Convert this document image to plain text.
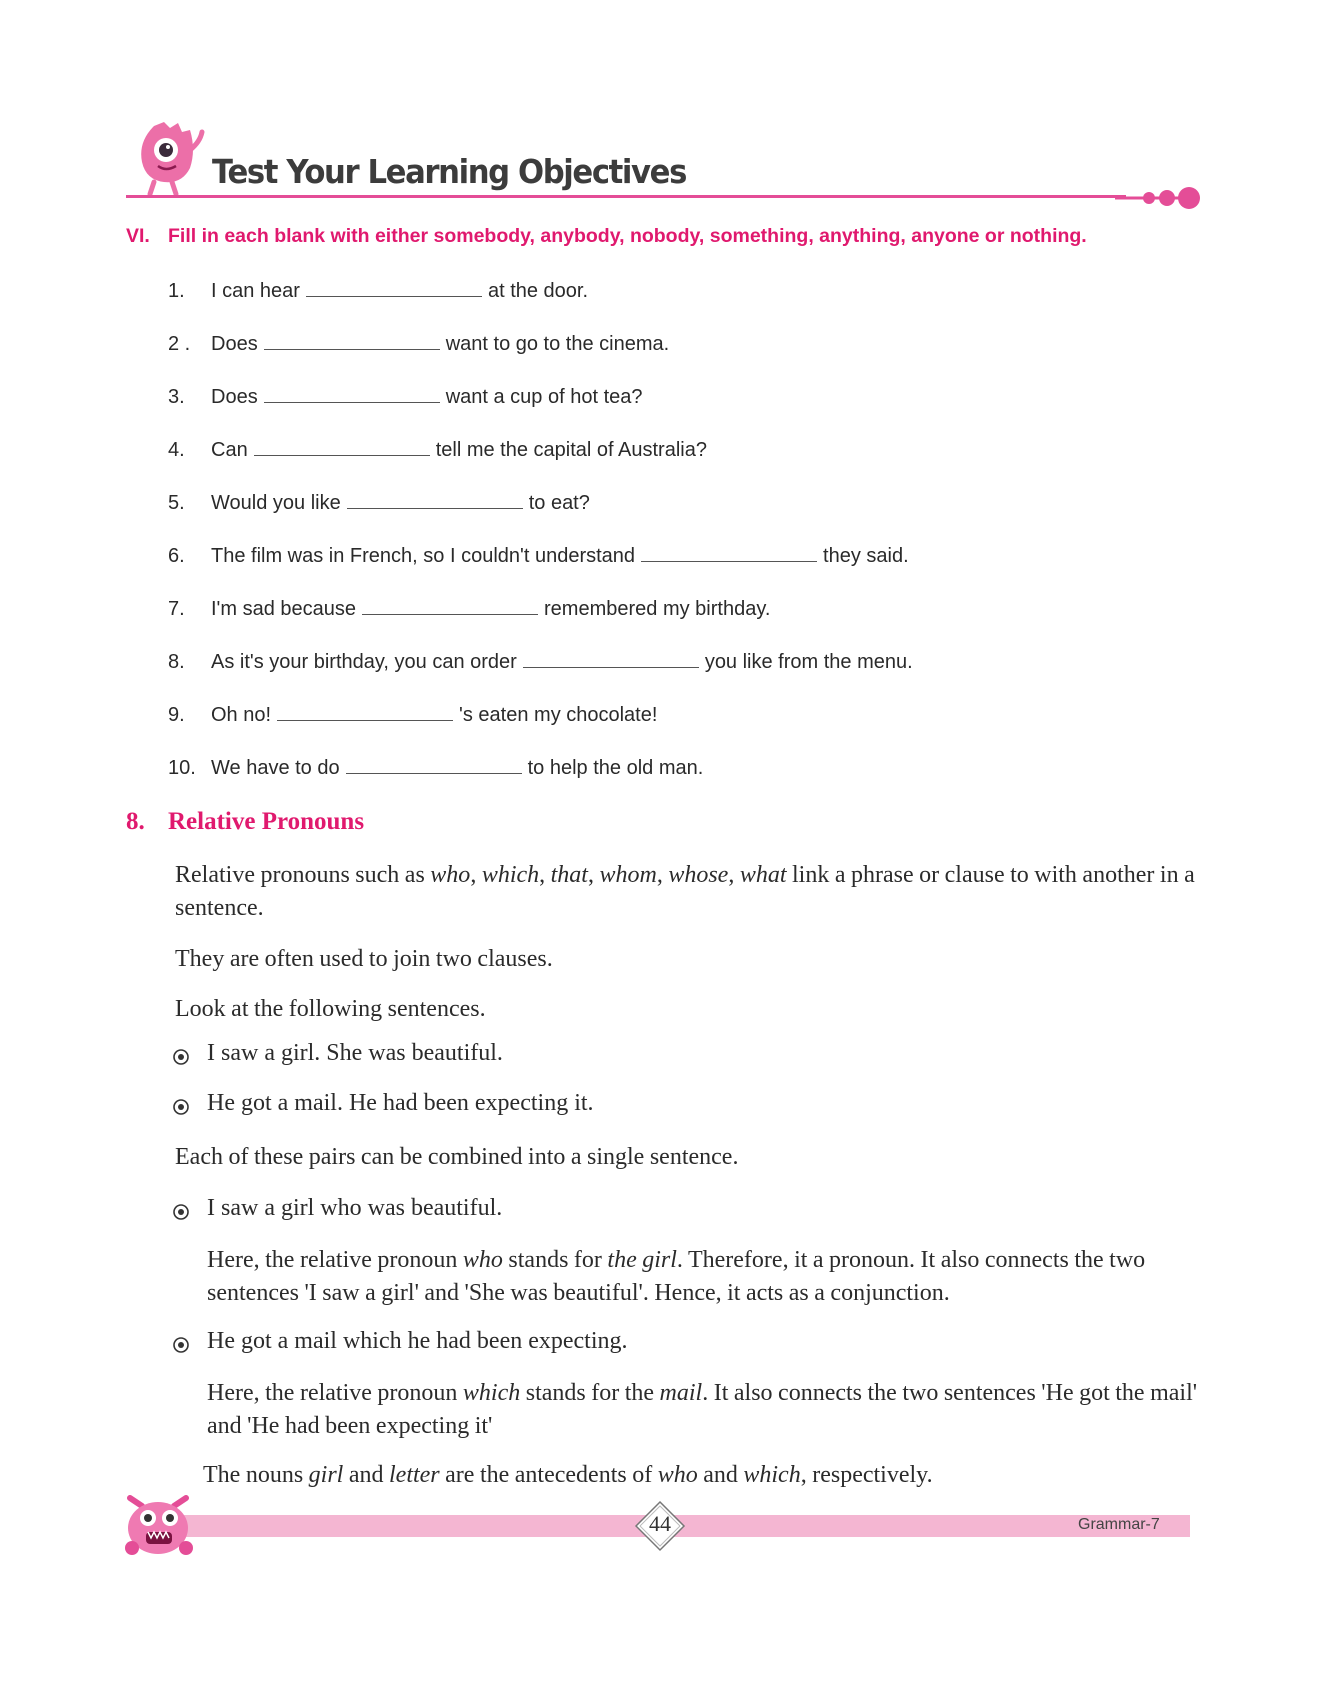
Test Your Learning Objectives
VI. Fill in each blank with either somebody, anybody, nobody, something, anything, anyone or nothing.
1. I can hear	at the door.
2 . Does	want to go to the cinema.
3. Does	want a cup of hot tea?
4. Can	tell me the capital of Australia?
5. Would you like	to eat?
6. The film was in French, so I couldn't understand	they said.
7. I'm sad because	remembered my birthday.
8. As it's your birthday, you can order	you like from the menu.
9. Oh no!	's eaten my chocolate!
10. We have to do	to help the old man.
8. Relative Pronouns
Relative pronouns such as who, which, that, whom, whose, what link a phrase or clause to with another in a sentence.
They are often used to join two clauses.
Look at the following sentences.
I saw a girl. She was beautiful.
He got a mail. He had been expecting it.
Each of these pairs can be combined into a single sentence.
I saw a girl who was beautiful.
Here, the relative pronoun who stands for the girl. Therefore, it a pronoun. It also connects the two sentences 'I saw a girl' and 'She was beautiful'. Hence, it acts as a conjunction.
He got a mail which he had been expecting.
Here, the relative pronoun which stands for the mail. It also connects the two sentences 'He got the mail' and 'He had been expecting it'
The nouns girl and letter are the antecedents of who and which, respectively.
44	Grammar-7
